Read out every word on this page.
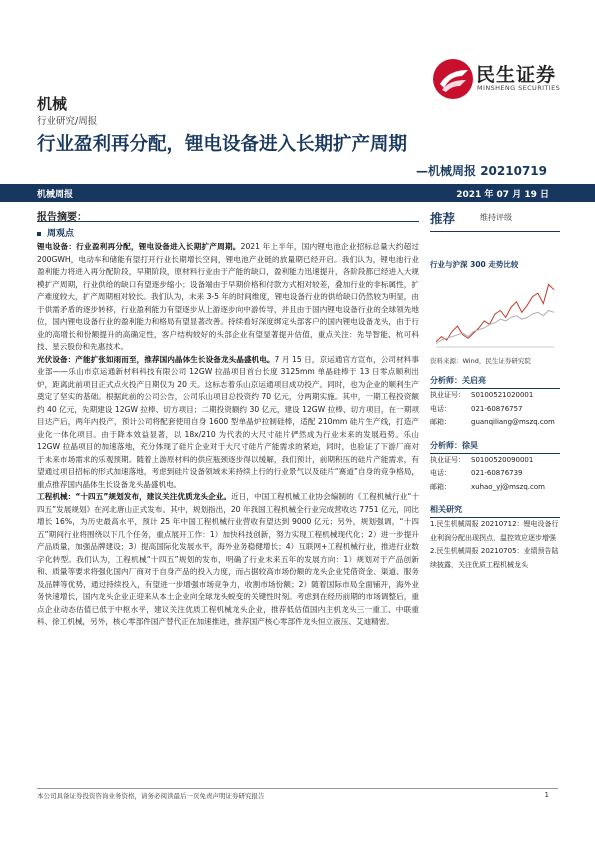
民生证券
MINSHENG SECURITIES
机械
行业研究/周报
行业盈利再分配，锂电设备进入长期扩产周期
—机械周报 20210719
机械周报	2021 年 07 月 19 日
报告摘要：
周观点

锂电设备：行业盈利再分配，锂电设备进入长期扩产周期。2021 年上半年，国内锂电池企业招标总量大约超过 200GWH，电动车和储能有望打开行业长期增长空间，锂电池产业链的放量期已经开启。我们认为，锂电池行业盈利能力将进入再分配阶段，早期阶段，原材料行业由于产能的缺口，盈利能力迅速提升，各阶段都已经进入大规模扩产周期，行业供给的缺口有望逐步缩小；设备端由于早期价格和付款方式相对较差，叠加行业的非标属性，扩产难度较大，扩产周期相对较长。我们认为，未来 3-5 年的时间维度，锂电设备行业的供给缺口仍然较为明显，由于供需矛盾的逐步转移，行业盈利能力有望逐步从上游逐步向中游传导，并且由于国内锂电设备行业的全球领先地位，国内锂电设备行业的盈利能力和格局有望显著改善。持续看好深度绑定头部客户的国内锂电设备龙头，由于行业的高增长和份额提升的高确定性，客户结构较好的头部企业有望显著提升估值，重点关注：先导智能、杭可科技、星云股份和先惠技术。

光伏设备：产能扩张如雨而至，推荐国内晶体生长设备龙头晶盛机电。7 月 15 日，京运通官方宣布，公司材料事业部——乐山市京运通新材料科技有限公司 12GW 拉晶项目首台长度 3125mm 单晶硅棒于 13 日零点顺利出炉，距离此前项目正式点火投产日期仅为 20 天。这标志着乐山京运通项目成功投产。同时，也为企业的顺利生产奠定了坚实的基础。根据此前的公司公告，公司乐山项目总投资约 70 亿元，分两期实施。其中，一期工程投资额约 40 亿元，先期建设 12GW 拉棒、切方项目；二期投资额约 30 亿元，建设 12GW 拉棒、切方项目，在一期项目达产后，两年内投产，预计公司将配套使用自身 1600 型单晶炉拉制硅棒，适配 210mm 硅片生产线，打造产业化一体化项目。由于降本效益显著，以 18x/210 为代表的大尺寸硅片俨然成为行业未来的发展趋势。乐山 12GW 拉晶项目的加速落地，充分体现了硅片企业对于大尺寸硅片产能需求的紧迫，同时，也验证了下游厂商对于未来市场需求的乐观预期。随着上游原材料的供应瓶颈逐步得以缓解，我们预计，前期积压的硅片产能需求，有望通过项目招标的形式加速落地，考虑到硅片设备领域未来持续上行的行业景气以及硅片“赛道”自身的竞争格局，重点推荐国内晶体生长设备龙头晶盛机电。

工程机械：“十四五”规划发布，建议关注优质龙头企业。近日，中国工程机械工业协会编制的《工程机械行业“十四五”发展规划》在河北唐山正式发布。其中，规划指出，20 年我国工程机械全行业完成营收达 7751 亿元，同比增长 16%，为历史最高水平，预计 25 年中国工程机械行业营收有望达到 9000 亿元；另外，规划强调，“十四五”期间行业将围绕以下几个任务，重点展开工作：1）加快科技创新，努力实现工程机械现代化；2）进一步提升产品质量，加强品牌建设；3）提高国际化发展水平，海外业务稳健增长；4）互联网+工程机械行业，推进行业数字化转型。我们认为，工程机械“十四五”规划的发布，明确了行业未来五年的发展方向：1）规划对于产品创新和、质量等要求将强化国内厂商对于自身产品的投入力度，而占据较高市场份额的龙头企业凭借资金、渠道、服务及品牌等优势，通过持续投入，有望进一步增强市场竞争力，收割市场份额；2）随着国际市局全面铺开，海外业务快速增长，国内龙头企业正迎来从本土企业向全球龙头蜕变的关键性时刻。考虑到在经历前期的市场调整后，重点企业动态估值已低于中枢水平，建议关注优质工程机械龙头企业，推荐低估值国内主机龙头三一重工、中联重科、徐工机械，另外，核心零部件国产替代正在加速推进，推荐国产核心零部件龙头恒立液压、艾迪精密。

推荐	维持评级
行业与沪深 300 走势比较
资料来源：Wind，民生证券研究院
分析师：关启亮
执业证号： S0100521020001
电话：	021-60876757
邮箱：	guanqiliang@mszq.com
分析师：徐昊
执业证号： S0100520090001
电话：	021-60876739
邮箱：	xuhao_yj@mszq.com
相关研究
1.民生机械周报 20210712：锂电设备行业利润分配出现拐点，温控效应逐步增强
2.民生机械周报 20210705：业绩预告陆续披露，关注优质工程机械龙头
本公司具备证券投资咨询业务资格，请务必阅读最后一页免责声明证券研究报告	1
